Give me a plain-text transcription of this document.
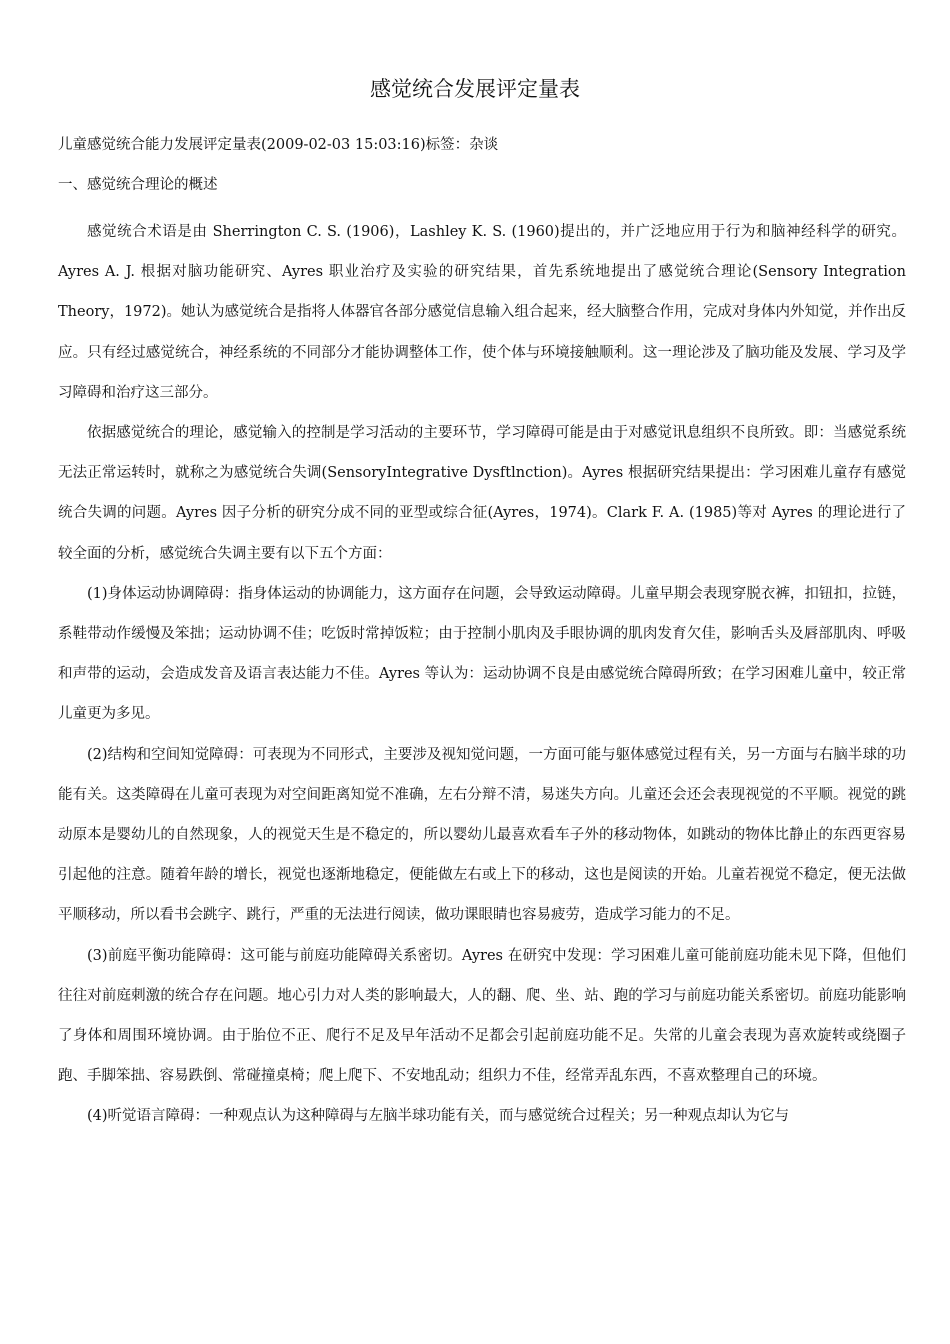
感觉统合发展评定量表
儿童感觉统合能力发展评定量表(2009-02-03 15:03:16)标签：杂谈
一、感觉统合理论的概述

感觉统合术语是由 Sherrington C. S. (1906)，Lashley K. S. (1960)提出的，并广泛地应用于行为和脑神经科学的研究。Ayres A. J. 根据对脑功能研究、Ayres 职业治疗及实验的研究结果，首先系统地提出了感觉统合理论(Sensory Integration Theory，1972)。她认为感觉统合是指将人体器官各部分感觉信息输入组合起来，经大脑整合作用，完成对身体内外知觉，并作出反应。只有经过感觉统合，神经系统的不同部分才能协调整体工作，使个体与环境接触顺利。这一理论涉及了脑功能及发展、学习及学习障碍和治疗这三部分。

依据感觉统合的理论，感觉输入的控制是学习活动的主要环节，学习障碍可能是由于对感觉讯息组织不良所致。即：当感觉系统无法正常运转时，就称之为感觉统合失调(SensoryIntegrative Dysftlnction)。Ayres 根据研究结果提出：学习困难儿童存有感觉统合失调的问题。Ayres 因子分析的研究分成不同的亚型或综合征(Ayres，1974)。Clark F. A. (1985)等对 Ayres 的理论进行了较全面的分析，感觉统合失调主要有以下五个方面：

(1)身体运动协调障碍：指身体运动的协调能力，这方面存在问题，会导致运动障碍。儿童早期会表现穿脱衣裤，扣钮扣，拉链，系鞋带动作缓慢及笨拙；运动协调不佳；吃饭时常掉饭粒；由于控制小肌肉及手眼协调的肌肉发育欠佳，影响舌头及唇部肌肉、呼吸和声带的运动，会造成发音及语言表达能力不佳。Ayres 等认为：运动协调不良是由感觉统合障碍所致；在学习困难儿童中，较正常儿童更为多见。

(2)结构和空间知觉障碍：可表现为不同形式，主要涉及视知觉问题，一方面可能与躯体感觉过程有关，另一方面与右脑半球的功能有关。这类障碍在儿童可表现为对空间距离知觉不准确，左右分辩不清，易迷失方向。儿童还会还会表现视觉的不平顺。视觉的跳动原本是婴幼儿的自然现象，人的视觉天生是不稳定的，所以婴幼儿最喜欢看车子外的移动物体，如跳动的物体比静止的东西更容易引起他的注意。随着年龄的增长，视觉也逐渐地稳定，便能做左右或上下的移动，这也是阅读的开始。儿童若视觉不稳定，便无法做平顺移动，所以看书会跳字、跳行，严重的无法进行阅读，做功课眼睛也容易疲劳，造成学习能力的不足。

(3)前庭平衡功能障碍：这可能与前庭功能障碍关系密切。Ayres 在研究中发现：学习困难儿童可能前庭功能未见下降，但他们往往对前庭刺激的统合存在问题。地心引力对人类的影响最大，人的翻、爬、坐、站、跑的学习与前庭功能关系密切。前庭功能影响了身体和周围环境协调。由于胎位不正、爬行不足及早年活动不足都会引起前庭功能不足。失常的儿童会表现为喜欢旋转或绕圈子跑、手脚笨拙、容易跌倒、常碰撞桌椅；爬上爬下、不安地乱动；组织力不佳，经常弄乱东西，不喜欢整理自己的环境。

(4)听觉语言障碍：一种观点认为这种障碍与左脑半球功能有关，而与感觉统合过程关；另一种观点却认为它与
